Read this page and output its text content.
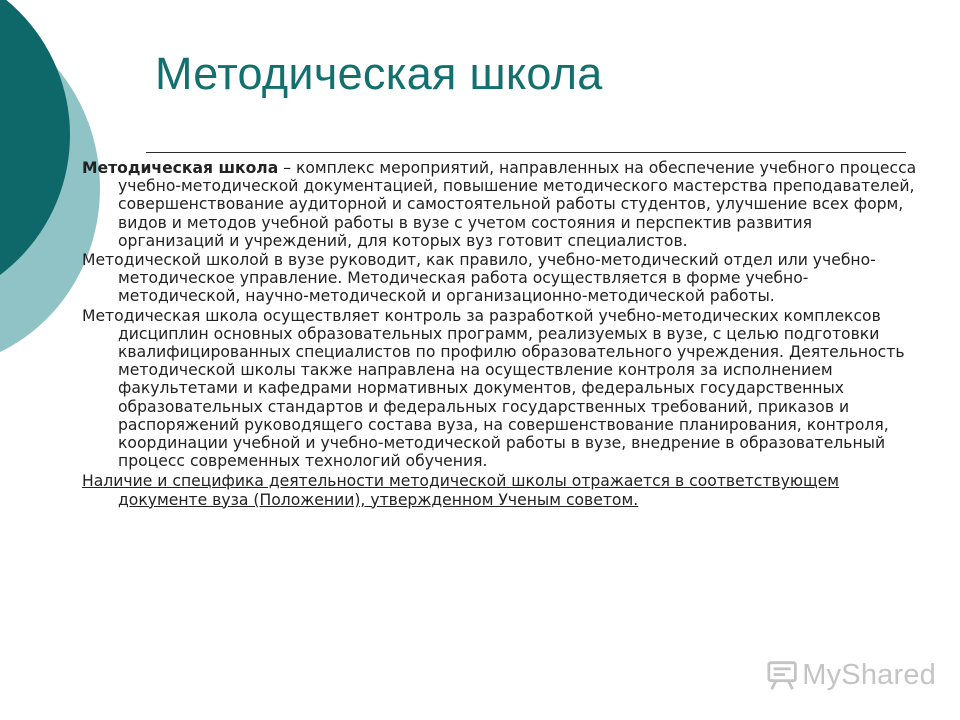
Методическая школа

Методическая школа – комплекс мероприятий, направленных на обеспечение учебного процесса учебно-методической документацией, повышение методического мастерства преподавателей, совершенствование аудиторной и самостоятельной работы студентов, улучшение всех форм, видов и методов учебной работы в вузе с учетом состояния и перспектив развития организаций и учреждений, для которых вуз готовит специалистов.

Методической школой в вузе руководит, как правило, учебно-методический отдел или учебно-методическое управление. Методическая работа осуществляется в форме учебно-методической, научно-методической и организационно-методической работы.

Методическая школа осуществляет контроль за разработкой учебно-методических комплексов дисциплин основных образовательных программ, реализуемых в вузе, с целью подготовки квалифицированных специалистов по профилю образовательного учреждения. Деятельность методической школы также направлена на осуществление контроля за исполнением факультетами и кафедрами нормативных документов, федеральных государственных образовательных стандартов и федеральных государственных требований, приказов и распоряжений руководящего состава вуза, на совершенствование планирования, контроля, координации учебной и учебно-методической работы в вузе, внедрение в образовательный процесс современных технологий обучения.

Наличие и специфика деятельности методической школы отражается в соответствующем документе вуза (Положении), утвержденном Ученым советом.

MyShared
